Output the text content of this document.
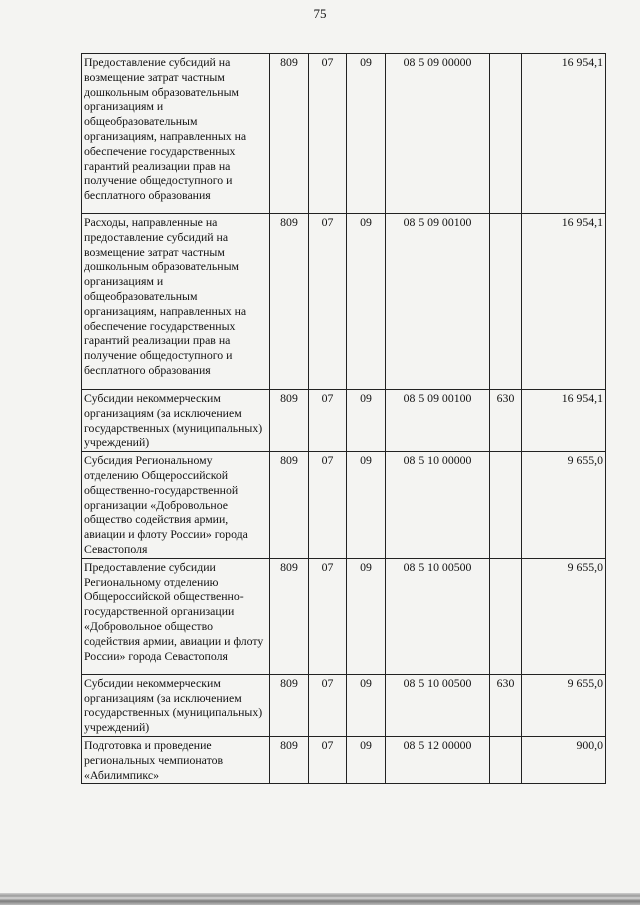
75
Предоставление субсидий на возмещение затрат частным дошкольным образовательным организациям и общеобразовательным организациям, направленных на обеспечение государственных гарантий реализации прав на получение общедоступного и бесплатного образования	809	07	09	08 5 09 00000		16 954,1
Расходы, направленные на предоставление субсидий на возмещение затрат частным дошкольным образовательным организациям и общеобразовательным организациям, направленных на обеспечение государственных гарантий реализации прав на получение общедоступного и бесплатного образования	809	07	09	08 5 09 00100		16 954,1
Субсидии некоммерческим организациям (за исключением государственных (муниципальных) учреждений)	809	07	09	08 5 09 00100	630	16 954,1
Субсидия Региональному отделению Общероссийской общественно-государственной организации «Добровольное общество содействия армии, авиации и флоту России» города Севастополя	809	07	09	08 5 10 00000		9 655,0
Предоставление субсидии Региональному отделению Общероссийской общественно-государственной организации «Добровольное общество содействия армии, авиации и флоту России» города Севастополя	809	07	09	08 5 10 00500		9 655,0
Субсидии некоммерческим организациям (за исключением государственных (муниципальных) учреждений)	809	07	09	08 5 10 00500	630	9 655,0
Подготовка и проведение региональных чемпионатов «Абилимпикс»	809	07	09	08 5 12 00000		900,0
